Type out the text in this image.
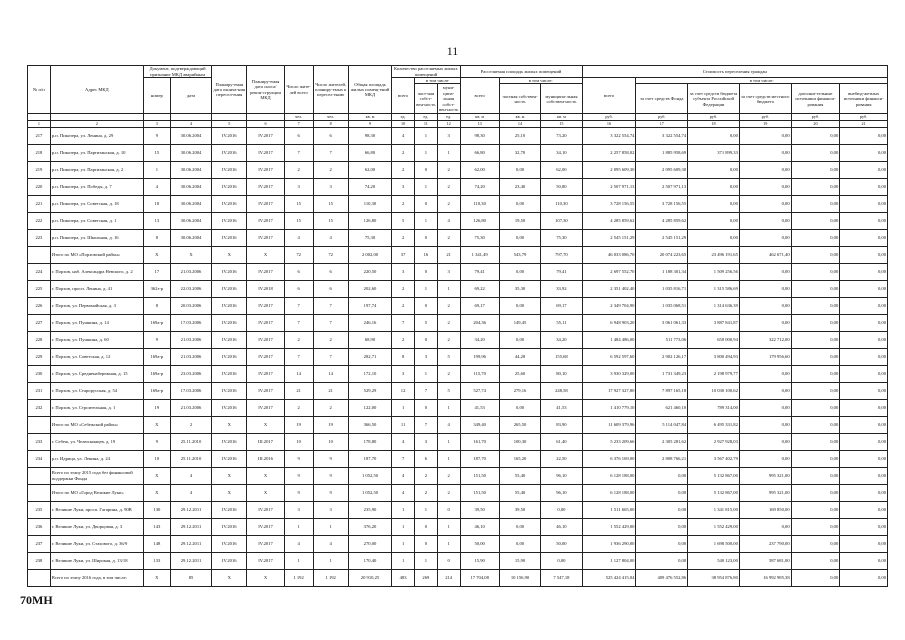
11
№ п/п	Адрес МКД	Документ, подтверждающий признание МКД аварийным		Планиру-емая дата оконча-ния пересел-ения	Планиру-емая дата сноса/ рекон-струкции МКД	Число жите-лей всего	Число жителей, планиру-емых к пересел-ению	Общая площадь жилых помещ-ений МКД	Количество расселяемых жилых помещений			Расселяемая площадь жилых помещений			Стоимость переселения граждан					
		номер	дата						всего	в том числе		всего	в том числе:		всего	в том числе:				
										част-ная собст-вен-ность	муни-ципа-льная собст-вен-ность		частная собствен-ность	муниципа-льная собствен-ность		за счет средств Фонда	за счет средств бюджета субъекта Российской Федерации	за счет средств местного бюджета	дополни-тельные источники финанси-рования	внебюд-жетных источники финанси-рования
						чел.	чел.	кв. м	ед.	ед.	ед.	кв. м	кв. м	кв. м	руб.	руб.	руб.	руб.	руб.	руб.
1	2	3	4	5	6	7	8	9	10	11	12	13	14	15	16	17	18	19	20	21
217	р.п. Пикозера, ул. Ленина, д. 29	9	30.06.2004	IV.2016	IV.2017	6	6	98,30	4	1	3	98,30	25,10	73,20	3 322 554,74	3 322 554,74	0,00	0,00	0,00	0,00
218	р.п. Пикозера, ул. Партизанская, д. 10	15	30.06.2004	IV.2016	IV.2017	7	7	66,80	2	1	1	66,80	32,70	34,10	2 257 858,02	1 885 958,69	371 899,33	0,00	0,00	0,00
219	р.п. Пикозера, ул. Партизанская, д. 2	1	30.06.2004	IV.2016	IV.2017	2	2	62,00	2	0	2	62,00	0,00	62,00	2 095 609,30	2 095 609,30	0,00	0,00	0,00	0,00
220	р.п. Пикозера, ул. Победы, д. 7	4	30.06.2004	IV.2016	IV.2017	3	3	74,20	3	1	2	74,20	23,40	50,80	2 507 971,13	2 507 971,13	0,00	0,00	0,00	0,00
221	р.п. Пикозера, ул. Советская, д. 18	18	30.06.2004	IV.2016	IV.2017	15	15	110,30	2	0	2	110,30	0,00	110,30	3 728 156,55	3 728 156,55	0,00	0,00	0,00	0,00
222	р.п. Пикозера, ул. Советская, д. 1	13	30.06.2004	IV.2016	IV.2017	15	15	126,80	5	1	4	126,80	19,50	107,30	4 285 859,62	4 285 859,62	0,00	0,00	0,00	0,00
223	р.п. Пикозера, ул. Школьная, д. 16	8	30.06.2004	IV.2016	IV.2017	4	4	75,30	2	0	2	75,30	0,00	75,30	2 545 151,29	2 545 151,29	0,00	0,00	0,00	0,00
	Итого по МО «Порховский район»	X	X	X	X	72	72	2 002,00	37	16	21	1 341,49	543,79	797,70	46 033 086,70	20 074 223,65	23 496 191,65	462 671,40	0,00	0,00
224	г. Порхов, наб. Александра Невского, д. 2	17	21.03.2006	IV.2016	IV.2017	6	6	220,50	3	0	3	79,41	0,00	79,41	2 697 552,70	1 188 301,34	1 509 256,56	0,00	0,00	0,00
225	г. Порхов, просп. Ленина, д. 41	362з-р	22.03.2006	IV.2016	IV.2018	6	6	202,60	2	1	1	69,22	35,30	33,92	2 351 402,40	1 035 816,71	1 315 586,69	0,00	0,00	0,00
226	г. Порхов, ул. Первомайская, д. 3	8	20.03.2006	IV.2016	IV.2017	7	7	197,74	2	0	2	69,17	0,00	69,17	2 349 704,90	1 035 068,51	1 314 636,39	0,00	0,00	0,00
227	г. Порхов, ул. Пушкина, д. 14	169а-р	17.03.2006	IV.2016	IV.2017	7	7	246,16	7	5	2	204,36	149,45	55,11	6 948 903,20	3 061 061,33	3 887 841,87	0,00	0,00	0,00
228	г. Порхов, ул. Пушкина, д. 60	9	21.03.2006	IV.2016	IV.2017	2	2	68,90	2	0	2	34,20	0,00	34,20	1 484 486,00	511 773,06	650 000,94	322 712,00	0,00	0,00
229	г. Порхов, ул. Советская, д. 12	169а-р	21.03.2006	IV.2016	IV.2017	7	7	282,71	8	3	5	199,96	44,28	155,68	6 592 597,60	2 902 126,17	3 800 494,93	179 956,60	0,00	0,00
230	г. Порхов, ул. Средненабережная, д. 15	169а-р	23.03.2006	IV.2016	IV.2017	14	14	172,10	3	1	2	115,70	25,60	80,10	3 930 329,00	1 731 349,23	2 198 979,77	0,00	0,00	0,00
231	г. Порхов, ул. Старорусская, д. 54	169а-р	17.03.2006	IV.2016	IV.2017	21	21	529,29	12	7	5	527,74	279,16	248,58	17 927 327,80	7 897 165,18	10 030 100,62	0,00	0,00	0,00
232	г. Порхов, ул. Строительная, д. 1	19	21.03.2006	IV.2016	IV.2017	2	2	122,00	1	0	1	41,53	0,00	41,53	1 410 779,10	621 460,10	789 314,00	0,00	0,00	0,00
	Итого по МО «Себежский район»	X	2	X	X	19	19	366,50	11	7	4	349,40	265,50	83,90	11 609 379,96	5 114 047,84	6 495 331,82	0,00	0,00	0,00
233	г. Себеж, ул. Челюскинцев, д. 19	9	25.11.2010	IV.2016	III.2017	10	10	178,80	4	3	1	161,70	100,30	61,40	5 233 209,66	2 305 281,62	2 927 928,03	0,00	0,00	0,00
234	р.п. Идрица, ул. Ленина, д. 24	10	25.11.2010	IV.2016	III.2016	9	9	187,70	7	6	1	187,70	165,20	22,50	6 376 169,00	2 808 766,21	3 567 402,79	0,00	0,00	0,00
	Всего по этапу 2015 года без финансовой поддержки Фонда	X	4	X	X	9	9	1 052,50	4	2	2	151,50	55,40	96,10	6 128 188,00	0,00	5 132 867,00	995 321,00	0,00	0,00
	Итого по МО «Город Великие Луки»	X	4	X	X	9	9	1 052,50	4	2	2	151,50	55,40	96,10	6 128 188,00	0,00	5 132 867,00	995 321,00	0,00	0,00
235	г. Великие Луки, просп. Гагарина, д. 90В	130	29.12.2011	IV.2016	IV.2017	3	3	235,90	1	1	0	39,50	39,50	0,00	1 511 665,00	0,00	1 341 815,00	169 850,00	0,00	0,00
236	г. Великие Луки, ул. Дворцовая, д. 3	143	29.12.2011	IV.2016	IV.2017	1	1	376,20	1	0	1	46,10	0,00	46,10	1 552 429,00	0,00	1 552 429,00	0,00	0,00	0,00
237	г. Великие Луки, ул. Стахового, д. 36/9	148	29.12.2011	IV.2016	IV.2017	4	4	270,00	1	0	1	50,00	0,00	50,00	1 936 290,00	0,00	1 698 500,00	237 790,00	0,00	0,00
238	г. Великие Луки, ул. Широкая, д. 13/18	133	29.12.2011	IV.2016	IV.2017	1	1	170,40	1	1	0	15,90	15,90	0,00	1 127 804,00	0,00	540 123,00	587 681,00	0,00	0,00
	Всего по этапу 2016 года, в том числе:	X	85	X	X	1 192	1 192	20 910,25	483	269	214	17 704,08	10 156,90	7 547,18	525 424 415,04	409 476 552,86	38 954 876,80	16 992 985,38	0,00	0,00
70МН
